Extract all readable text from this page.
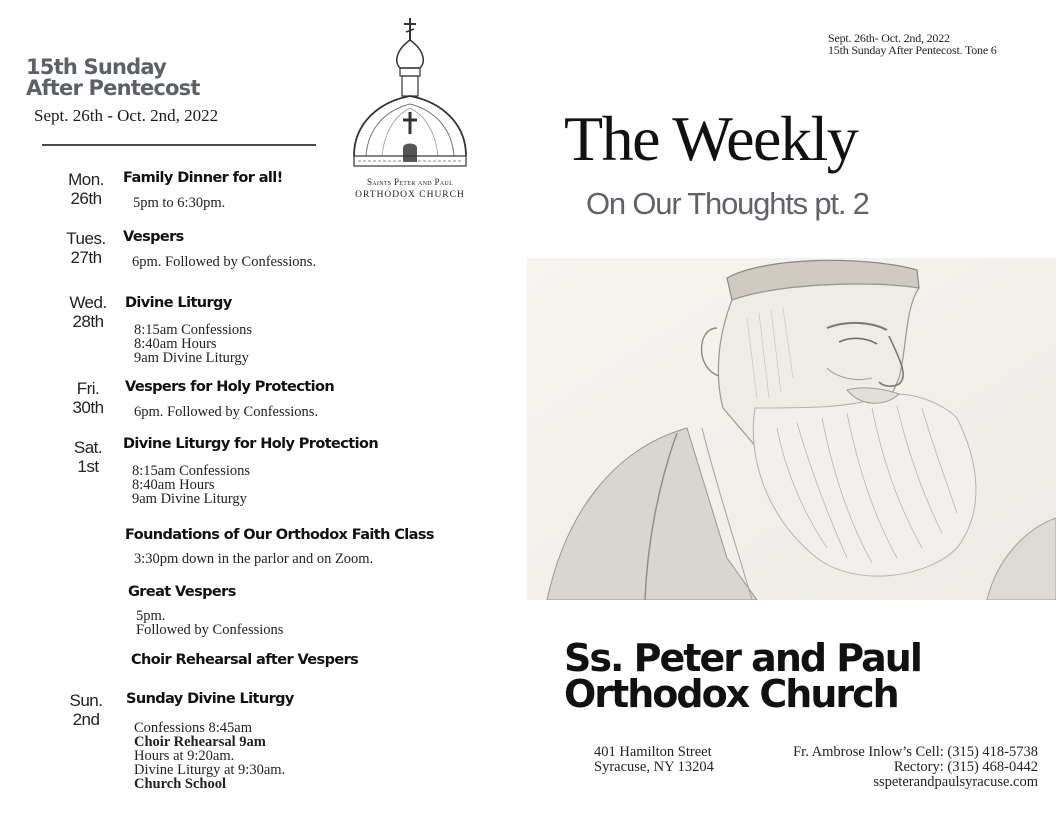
15th Sunday
After Pentecost
Sept. 26th - Oct. 2nd, 2022
Saints Peter and Paul
ORTHODOX CHURCH
Mon.
26th
Family Dinner for all!
5pm to 6:30pm.
Tues.
27th
Vespers
6pm. Followed by Confessions.
Wed.
28th
Divine Liturgy
8:15am Confessions
8:40am Hours
9am Divine Liturgy
Fri.
30th
Vespers for Holy Protection
6pm. Followed by Confessions.
Sat.
1st
Divine Liturgy for Holy Protection
8:15am Confessions
8:40am Hours
9am Divine Liturgy
Foundations of Our Orthodox Faith Class
3:30pm down in the parlor and on Zoom.
Great Vespers
5pm.
Followed by Confessions
Choir Rehearsal after Vespers
Sun.
2nd
Sunday Divine Liturgy
Confessions 8:45am
Choir Rehearsal 9am
Hours at 9:20am.
Divine Liturgy at 9:30am.
Church School
Sept. 26th- Oct. 2nd, 2022
15th Sunday After Pentecost. Tone 6
The Weekly
On Our Thoughts pt. 2
Ss. Peter and Paul
Orthodox Church
401 Hamilton Street
Syracuse, NY 13204
Fr. Ambrose Inlow’s Cell: (315) 418-5738
Rectory: (315) 468-0442
sspeterandpaulsyracuse.com
